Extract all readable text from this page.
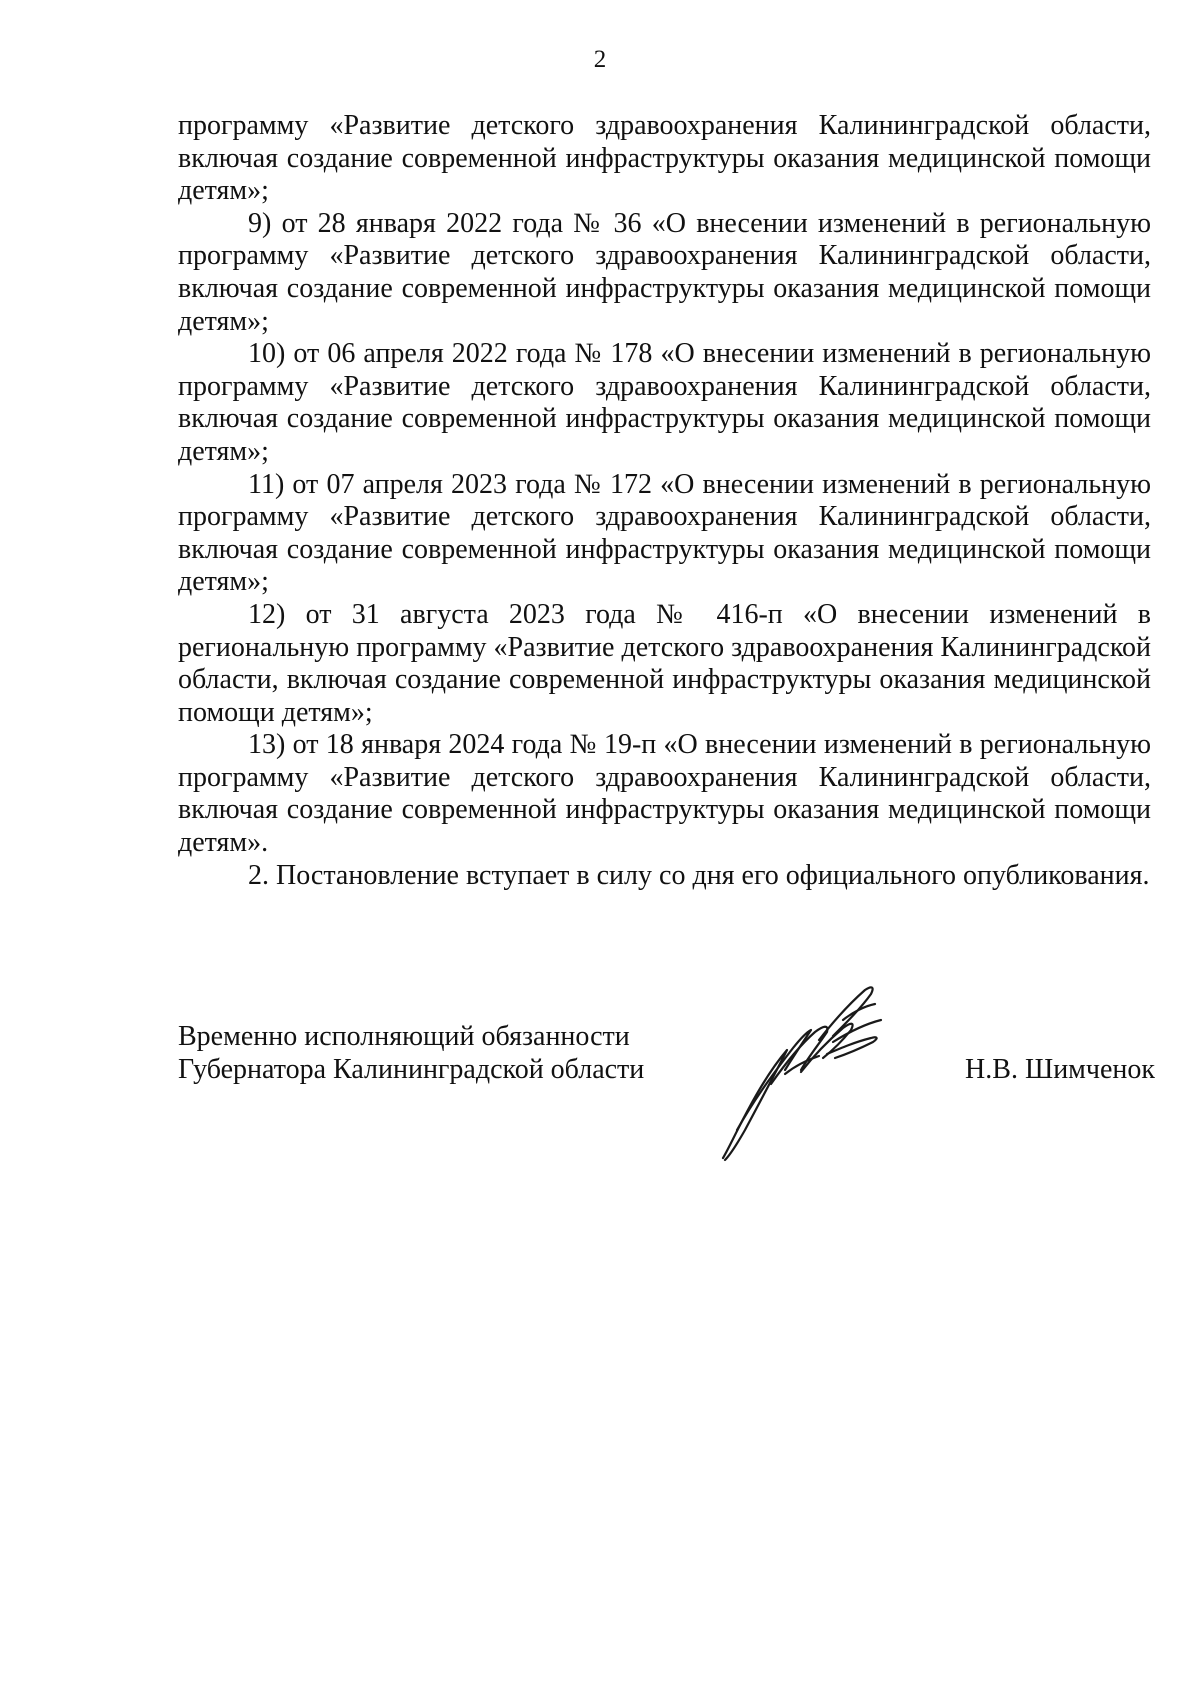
2

программу «Развитие детского здравоохранения Калининградской области, включая создание современной инфраструктуры оказания медицинской помощи детям»;

9) от 28 января 2022 года № 36 «О внесении изменений в региональную программу «Развитие детского здравоохранения Калининградской области, включая создание современной инфраструктуры оказания медицинской помощи детям»;

10) от 06 апреля 2022 года № 178 «О внесении изменений в региональную программу «Развитие детского здравоохранения Калининградской области, включая создание современной инфраструктуры оказания медицинской помощи детям»;

11) от 07 апреля 2023 года № 172 «О внесении изменений в региональную программу «Развитие детского здравоохранения Калининградской области, включая создание современной инфраструктуры оказания медицинской помощи детям»;

12) от 31 августа 2023 года № 416-п «О внесении изменений в региональную программу «Развитие детского здравоохранения Калининградской области, включая создание современной инфраструктуры оказания медицинской помощи детям»;

13) от 18 января 2024 года № 19-п «О внесении изменений в региональную программу «Развитие детского здравоохранения Калининградской области, включая создание современной инфраструктуры оказания медицинской помощи детям».

2. Постановление вступает в силу со дня его официального опубликования.

Временно исполняющий обязанности
Губернатора Калининградской области	Н.В. Шимченок
